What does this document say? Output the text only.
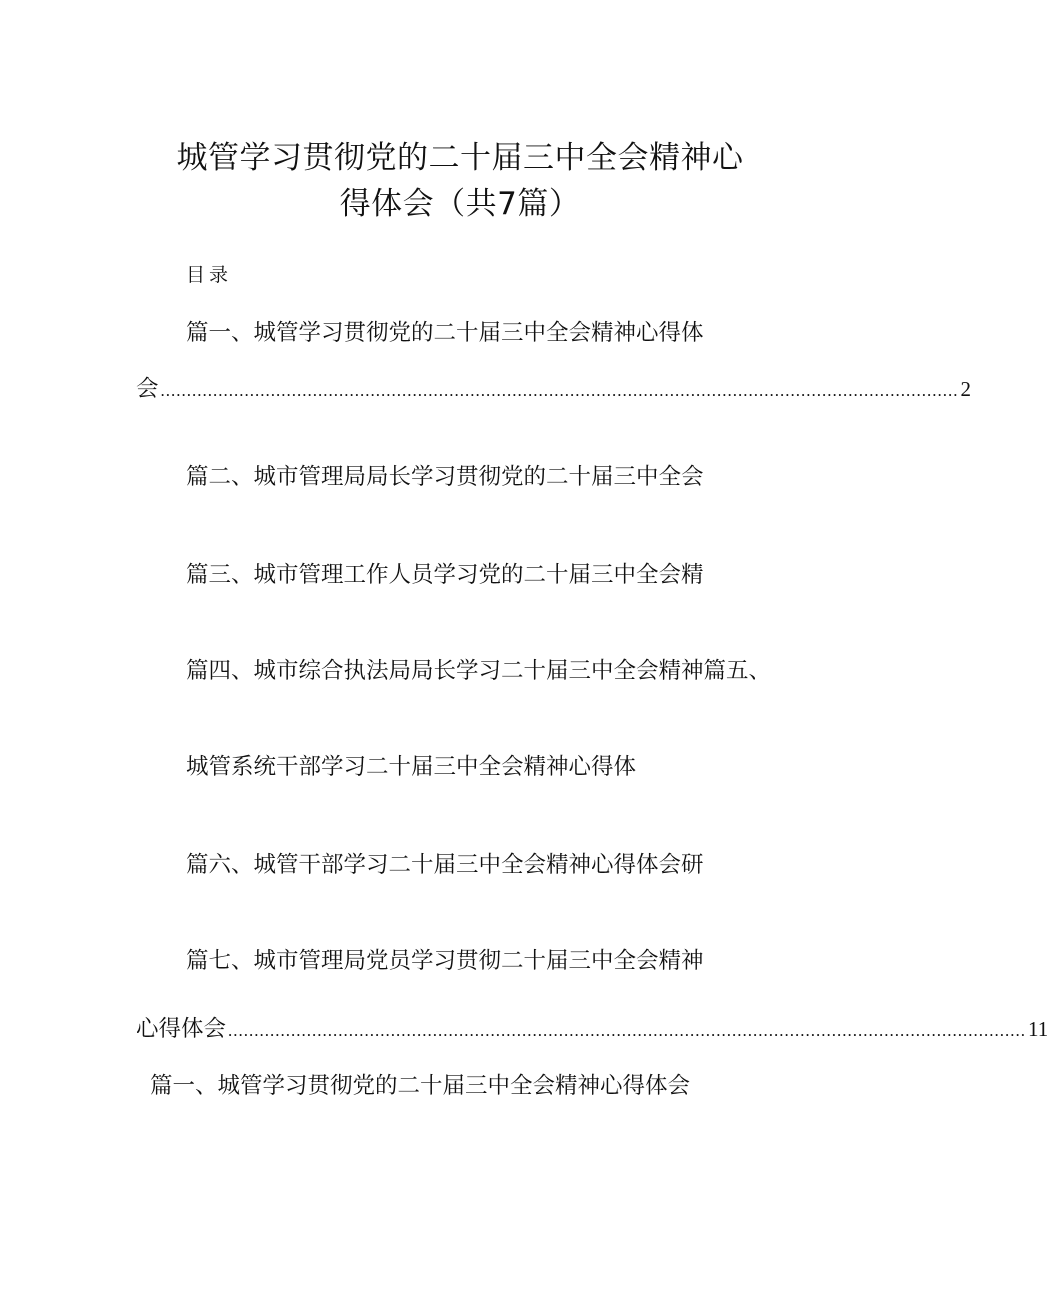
城管学习贯彻党的二十届三中全会精神心
得体会（共7篇）
目录
篇一、城管学习贯彻党的二十届三中全会精神心得体
会 ........................................................................................................................................................ 2
篇二、城市管理局局长学习贯彻党的二十届三中全会
篇三、城市管理工作人员学习党的二十届三中全会精
篇四、城市综合执法局局长学习二十届三中全会精神篇五、
城管系统干部学习二十届三中全会精神心得体
篇六、城管干部学习二十届三中全会精神心得体会研
篇七、城市管理局党员学习贯彻二十届三中全会精神
心得体会 ........................................................................................................................................................ 11
篇一、城管学习贯彻党的二十届三中全会精神心得体会
